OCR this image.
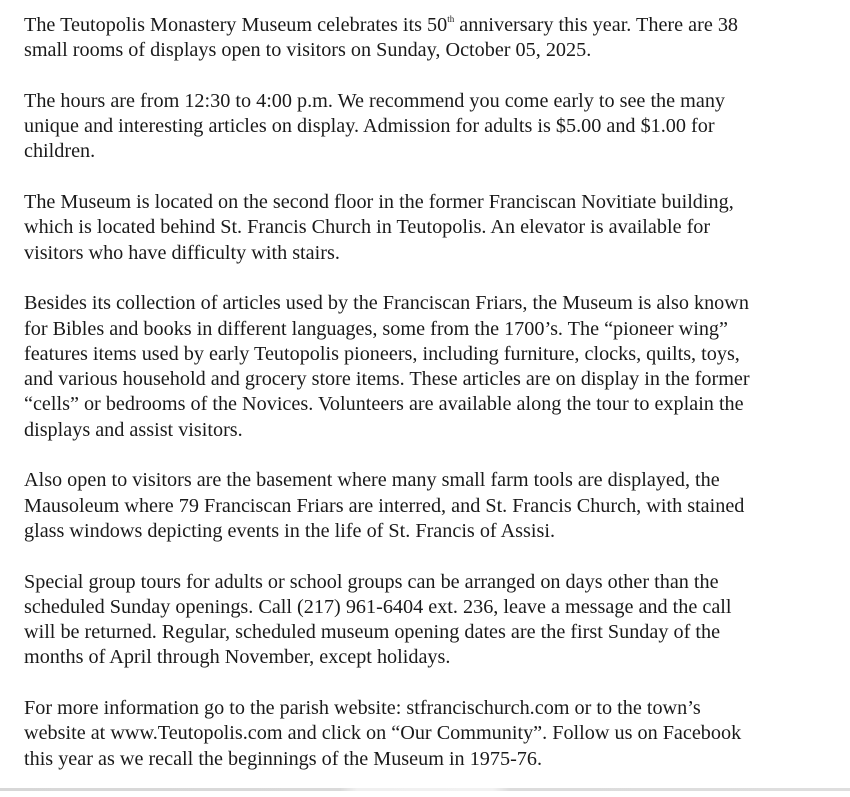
The Teutopolis Monastery Museum celebrates its 50th anniversary this year. There are 38
small rooms of displays open to visitors on Sunday, October 05, 2025.

The hours are from 12:30 to 4:00 p.m. We recommend you come early to see the many
unique and interesting articles on display. Admission for adults is $5.00 and $1.00 for
children.

The Museum is located on the second floor in the former Franciscan Novitiate building,
which is located behind St. Francis Church in Teutopolis. An elevator is available for
visitors who have difficulty with stairs.

Besides its collection of articles used by the Franciscan Friars, the Museum is also known
for Bibles and books in different languages, some from the 1700’s. The “pioneer wing”
features items used by early Teutopolis pioneers, including furniture, clocks, quilts, toys,
and various household and grocery store items. These articles are on display in the former
“cells” or bedrooms of the Novices. Volunteers are available along the tour to explain the
displays and assist visitors.

Also open to visitors are the basement where many small farm tools are displayed, the
Mausoleum where 79 Franciscan Friars are interred, and St. Francis Church, with stained
glass windows depicting events in the life of St. Francis of Assisi.

Special group tours for adults or school groups can be arranged on days other than the
scheduled Sunday openings. Call (217) 961-6404 ext. 236, leave a message and the call
will be returned. Regular, scheduled museum opening dates are the first Sunday of the
months of April through November, except holidays.

For more information go to the parish website: stfrancischurch.com or to the town’s
website at www.Teutopolis.com and click on “Our Community”. Follow us on Facebook
this year as we recall the beginnings of the Museum in 1975-76.
